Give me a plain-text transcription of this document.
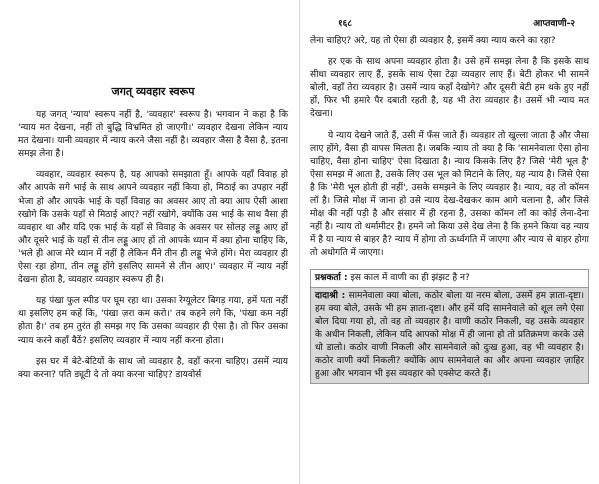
जगत् व्यवहार स्वरूप

यह जगत् 'न्याय' स्वरूप नहीं है, 'व्यवहार' स्वरूप है। भगवान ने कहा है कि 'न्याय मत देखना, नहीं तो बुद्धि विभ्रमित हो जाएगी।' व्यवहार देखना लेकिन न्याय मत देखना। यानी व्यवहार में न्याय करने जैसा नहीं है। व्यवहार जैसा है वैसा है, इतना समझ लेना है।

व्यवहार, व्यवहार स्वरूप है, यह आपको समझाता हूँ। आपके यहाँ विवाह हो और आपके सगे भाई के साथ आपने व्यवहार नहीं किया हो, मिठाई का उपहार नहीं भेजा हो और आपके भाई के यहाँ विवाह का अवसर आए तो क्या आप ऐसी आशा रखोगे कि उसके यहाँ से मिठाई आए? नहीं रखोगे, क्योंकि उस भाई के साथ वैसा ही व्यवहार था और यदि एक भाई के यहाँ से विवाह के अवसर पर सोलह लड्डू आए हों और दूसरे भाई के यहाँ से तीन लड्डू आए हों तो आपके ध्यान में क्या होना चाहिए कि, 'भले ही आज मेरे ध्यान में नहीं है लेकिन मैंने तीन ही लड्डू भेजे होंगे। मेरा व्यवहार ही ऐसा रहा होगा, तीन लड्डू होंगे इसलिए सामने से तीन आए।' व्यवहार में न्याय नहीं देखना होता है, व्यवहार व्यवहार स्वरूप ही है।

यह पंखा फुल स्पीड पर घूम रहा था। उसका रेग्यूलेटर बिगड़ गया, हमें पता नहीं था इसलिए हम कहें कि, 'पंखा ज़रा कम करो।' तब कहने लगे कि, 'पंखा कम नहीं होता है।' तब हम तुरंत ही समझ गए कि उसका व्यवहार ही ऐसा है। तो फिर उसका न्याय करने कहाँ बैठें? इसलिए व्यवहार में न्याय नहीं करना होता।

इस घर में बेटे-बेटियों के साथ जो व्यवहार है, वहाँ करना चाहिए। उसमें न्याय क्या करना? पति ड्यूटी दे तो क्या करना चाहिए? डायवोर्स

१६८	आप्तवाणी-२

लेना चाहिए? अरे, यह तो ऐसा ही व्यवहार है, इसमें क्या न्याय करने का रहा?

हर एक के साथ अपना व्यवहार होता है। उसे हमें समझ लेना है कि इसके साथ सीधा व्यवहार लाए हैं, इसके साथ ऐसा टेढ़ा व्यवहार लाए हैं। बेटी होकर भी सामने बोली, वहाँ तेरा व्यवहार है। उसमें न्याय कहाँ देखोगे? और दूसरी बेटी हम थके हुए नहीं हों, फिर भी हमारे पैर दबाती रहती है, यह भी तेरा व्यवहार है। उसमें भी न्याय मत देखना।

ये न्याय देखने जाते हैं, उसी में फँस जाते हैं। व्यवहार तो खुल्ला जाता है और जैसा लाए होंगे, वैसा ही वापस मिलता है। जबकि न्याय तो क्या है कि 'सामनेवाला ऐसा होना चाहिए, वैसा होना चाहिए' ऐसा दिखाता है। न्याय किसके लिए है? जिसे 'मेरी भूल है' ऐसा समझ में आता है, उसके लिए उस भूल को मिटाने के लिए, यह न्याय है। जिसे ऐसा है कि 'मेरी भूल होती ही नहीं', उसके समझने के लिए व्यवहार है। न्याय, वह तो कॉमन लॉ है। जिसे मोक्ष में जाना हो उसे न्याय देख-देखकर काम आगे चलाना है, और जिसे मोक्ष की नहीं पड़ी है और संसार में ही रहना है, उसका कॉमन लॉ का कोई लेना-देना नहीं है। न्याय तो थर्मामीटर है। हमने जो किया उसे देख लेना है कि हमने किया वह न्याय में है या न्याय से बाहर है? न्याय में होगा तो ऊर्ध्वगति में जाएगा और न्याय से बाहर होगा तो अधोगति में जाएगा।

प्रश्नकर्ता : इस काल में वाणी का ही झंझट है न?

दादाश्री : सामनेवाला क्या बोला, कठोर बोला या नरम बोला, उसमें हम ज्ञाता-दृष्टा। हम क्या बोले, उसके भी हम ज्ञाता-दृष्टा। और हमें यदि सामनेवाले को शूल लगे ऐसा बोल दिया गया हो, तो वह तो व्यवहार है। वाणी कठोर निकली, वह उसके व्यवहार के अधीन निकली, लेकिन यदि आपको मोक्ष में ही जाना हो तो प्रतिक्रमण करके उसे धो डालो। कठोर वाणी निकली और सामनेवाले को दुःख हुआ, वह भी व्यवहार है। कठोर वाणी क्यों निकली? क्योंकि आप सामनेवाले का और अपना व्यवहार ज़ाहिर हुआ और भगवान भी इस व्यवहार को एक्सेप्ट करते हैं।
